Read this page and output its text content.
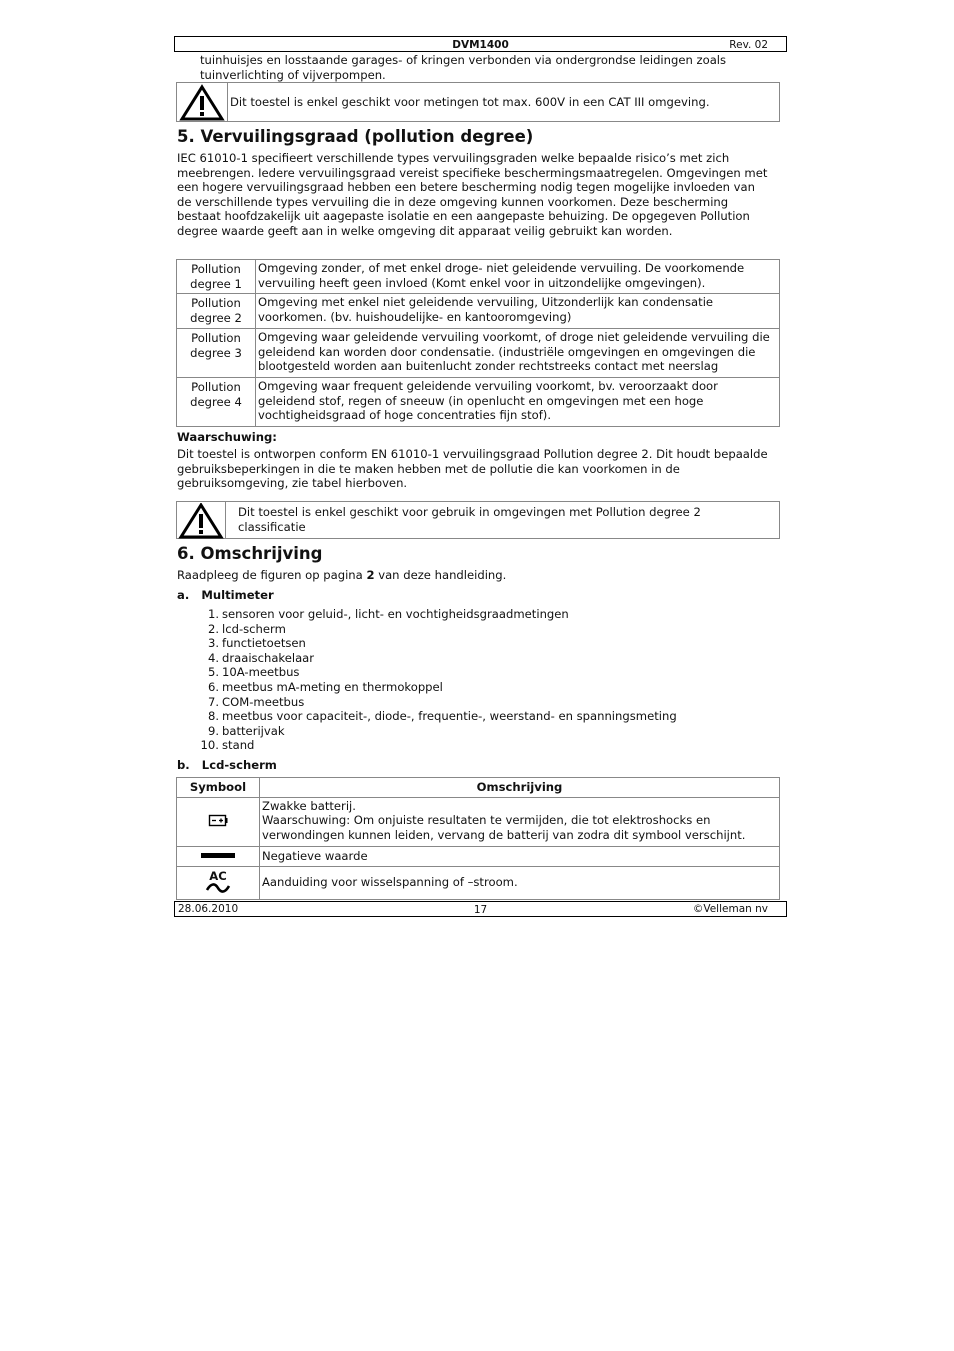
DVM1400	Rev. 02
tuinhuisjes en losstaande garages- of kringen verbonden via ondergrondse leidingen zoals tuinverlichting of vijverpompen.
Dit toestel is enkel geschikt voor metingen tot max. 600V in een CAT III omgeving.
5. Vervuilingsgraad (pollution degree)
IEC 61010-1 specifieert verschillende types vervuilingsgraden welke bepaalde risico’s met zich meebrengen. Iedere vervuilingsgraad vereist specifieke beschermingsmaatregelen. Omgevingen met een hogere vervuilingsgraad hebben een betere bescherming nodig tegen mogelijke invloeden van de verschillende types vervuiling die in deze omgeving kunnen voorkomen. Deze bescherming bestaat hoofdzakelijk uit aagepaste isolatie en een aangepaste behuizing. De opgegeven Pollution degree waarde geeft aan in welke omgeving dit apparaat veilig gebruikt kan worden.
Pollution
degree 1	Omgeving zonder, of met enkel droge- niet geleidende vervuiling. De voorkomende vervuiling heeft geen invloed (Komt enkel voor in uitzondelijke omgevingen).
Pollution
degree 2	Omgeving met enkel niet geleidende vervuiling, Uitzonderlijk kan condensatie voorkomen. (bv. huishoudelijke- en kantooromgeving)
Pollution
degree 3	Omgeving waar geleidende vervuiling voorkomt, of droge niet geleidende vervuiling die geleidend kan worden door condensatie. (industriële omgevingen en omgevingen die blootgesteld worden aan buitenlucht zonder rechtstreeks contact met neerslag
Pollution
degree 4	Omgeving waar frequent geleidende vervuiling voorkomt, bv. veroorzaakt door geleidend stof, regen of sneeuw (in openlucht en omgevingen met een hoge vochtigheidsgraad of hoge concentraties fijn stof).
Waarschuwing:
Dit toestel is ontworpen conform EN 61010-1 vervuilingsgraad Pollution degree 2. Dit houdt bepaalde gebruiksbeperkingen in die te maken hebben met de pollutie die kan voorkomen in de gebruiksomgeving, zie tabel hierboven.
Dit toestel is enkel geschikt voor gebruik in omgevingen met Pollution degree 2 classificatie
6. Omschrijving
Raadpleeg de figuren op pagina 2 van deze handleiding.
a.   Multimeter
1. sensoren voor geluid-, licht- en vochtigheidsgraadmetingen
2. lcd-scherm
3. functietoetsen
4. draaischakelaar
5. 10A-meetbus
6. meetbus mA-meting en thermokoppel
7. COM-meetbus
8. meetbus voor capaciteit-, diode-, frequentie-, weerstand- en spanningsmeting
9. batterijvak
10. stand
b.   Lcd-scherm
Symbool	Omschrijving
	Zwakke batterij.
Waarschuwing: Om onjuiste resultaten te vermijden, die tot elektroshocks en verwondingen kunnen leiden, vervang de batterij van zodra dit symbool verschijnt.
	Negatieve waarde

AC	Aanduiding voor wisselspanning of –stroom.
28.06.2010	17	©Velleman nv
